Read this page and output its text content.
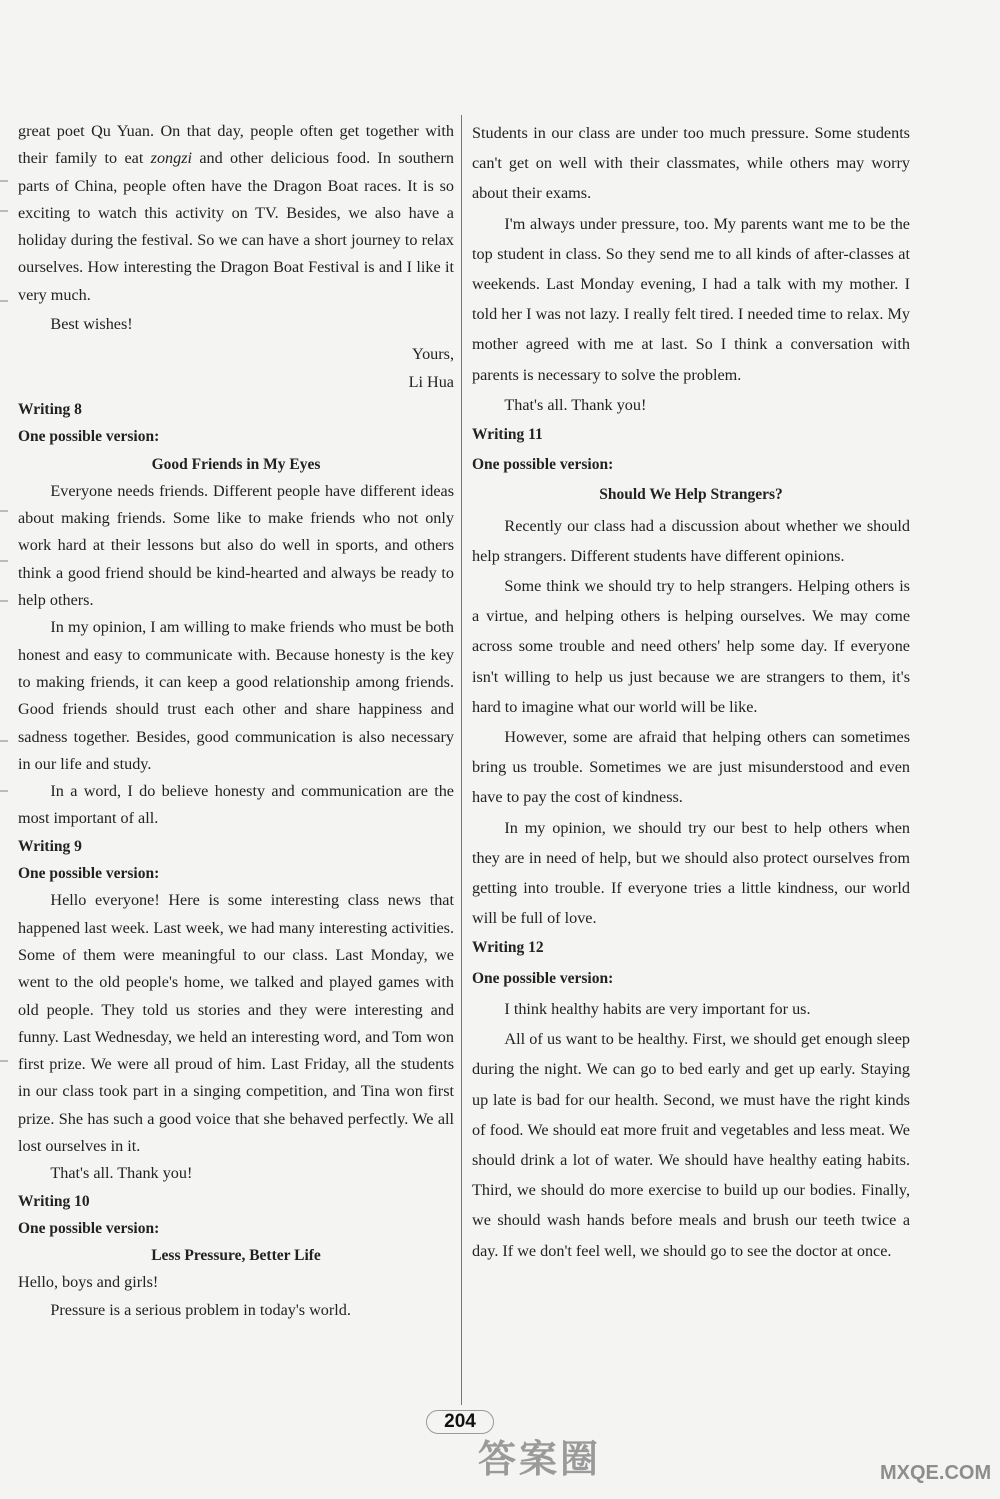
great poet Qu Yuan. On that day, people often get together with their family to eat zongzi and other delicious food. In southern parts of China, people often have the Dragon Boat races. It is so exciting to watch this activity on TV. Besides, we also have a holiday during the festival. So we can have a short journey to relax ourselves. How interesting the Dragon Boat Festival is and I like it very much.

Best wishes!

Yours,

Li Hua

Writing 8

One possible version:

Good Friends in My Eyes

Everyone needs friends. Different people have different ideas about making friends. Some like to make friends who not only work hard at their lessons but also do well in sports, and others think a good friend should be kind-hearted and always be ready to help others.

In my opinion, I am willing to make friends who must be both honest and easy to communicate with. Because honesty is the key to making friends, it can keep a good relationship among friends. Good friends should trust each other and share happiness and sadness together. Besides, good communication is also necessary in our life and study.

In a word, I do believe honesty and communication are the most important of all.

Writing 9

One possible version:

Hello everyone! Here is some interesting class news that happened last week. Last week, we had many interesting activities. Some of them were meaningful to our class. Last Monday, we went to the old people's home, we talked and played games with old people. They told us stories and they were interesting and funny. Last Wednesday, we held an interesting word, and Tom won first prize. We were all proud of him. Last Friday, all the students in our class took part in a singing competition, and Tina won first prize. She has such a good voice that she behaved perfectly. We all lost ourselves in it.

That's all. Thank you!

Writing 10

One possible version:

Less Pressure, Better Life

Hello, boys and girls!

Pressure is a serious problem in today's world.

Students in our class are under too much pressure. Some students can't get on well with their classmates, while others may worry about their exams.

I'm always under pressure, too. My parents want me to be the top student in class. So they send me to all kinds of after-classes at weekends. Last Monday evening, I had a talk with my mother. I told her I was not lazy. I really felt tired. I needed time to relax. My mother agreed with me at last. So I think a conversation with parents is necessary to solve the problem.

That's all. Thank you!

Writing 11

One possible version:

Should We Help Strangers?

Recently our class had a discussion about whether we should help strangers. Different students have different opinions.

Some think we should try to help strangers. Helping others is a virtue, and helping others is helping ourselves. We may come across some trouble and need others' help some day. If everyone isn't willing to help us just because we are strangers to them, it's hard to imagine what our world will be like.

However, some are afraid that helping others can sometimes bring us trouble. Sometimes we are just misunderstood and even have to pay the cost of kindness.

In my opinion, we should try our best to help others when they are in need of help, but we should also protect ourselves from getting into trouble. If everyone tries a little kindness, our world will be full of love.

Writing 12

One possible version:

I think healthy habits are very important for us.

All of us want to be healthy. First, we should get enough sleep during the night. We can go to bed early and get up early. Staying up late is bad for our health. Second, we must have the right kinds of food. We should eat more fruit and vegetables and less meat. We should drink a lot of water. We should have healthy eating habits. Third, we should do more exercise to build up our bodies. Finally, we should wash hands before meals and brush our teeth twice a day. If we don't feel well, we should go to see the doctor at once.

204
答案圈	MXQE.COM
